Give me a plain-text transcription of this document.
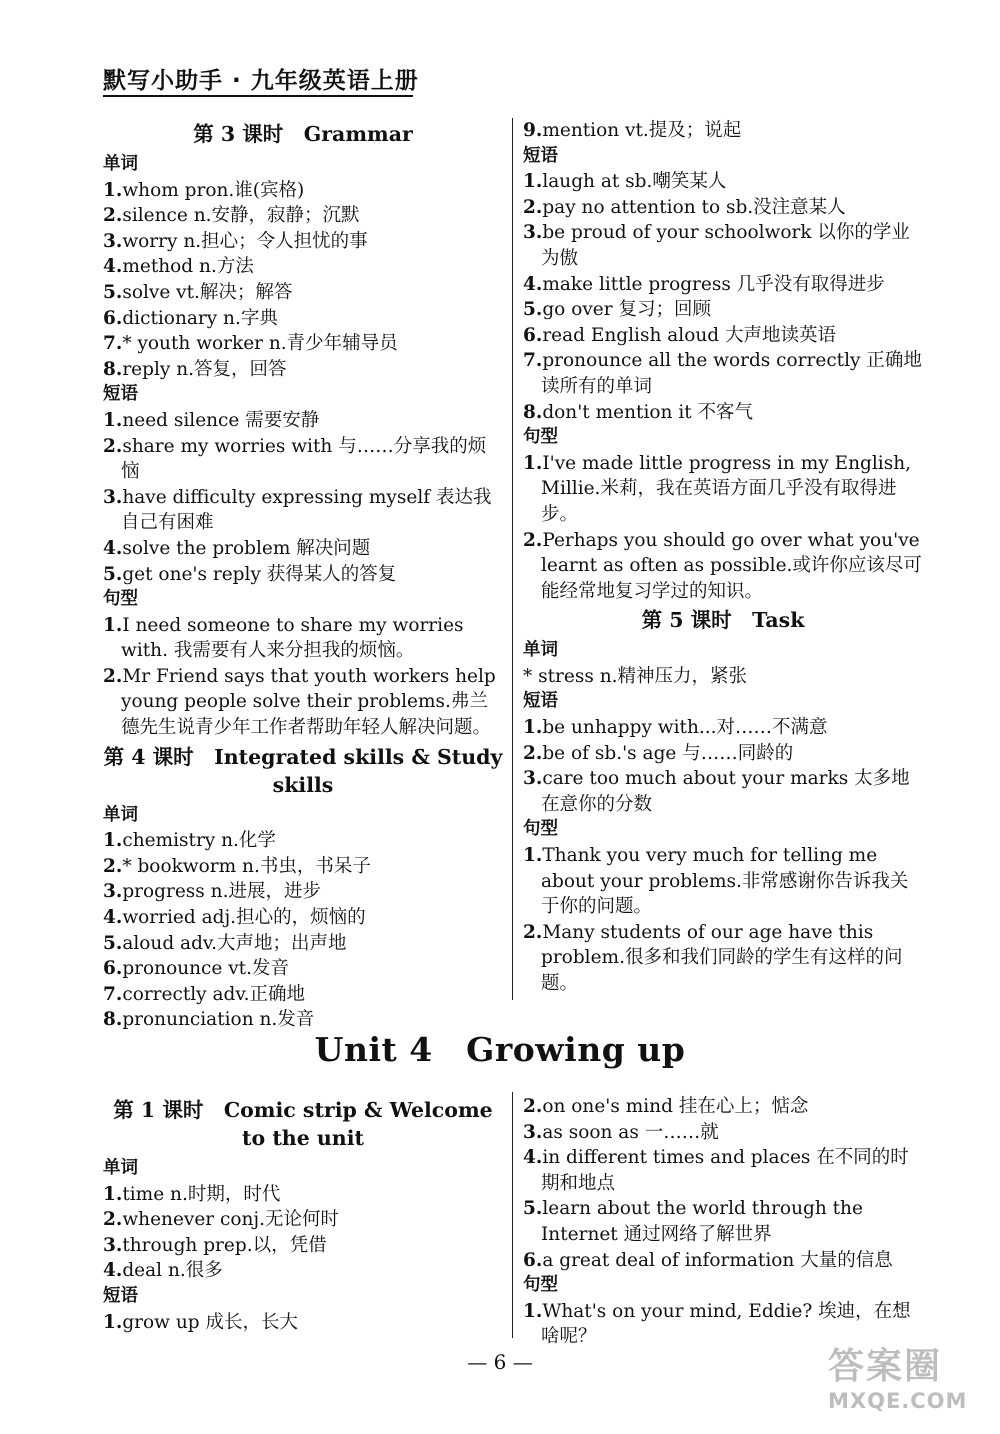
默写小助手 · 九年级英语上册
第 3 课时　Grammar
单词
1.whom pron.谁(宾格)
2.silence n.安静，寂静；沉默
3.worry n.担心；令人担忧的事
4.method n.方法
5.solve vt.解决；解答
6.dictionary n.字典
7.* youth worker n.青少年辅导员
8.reply n.答复，回答
短语
1.need silence 需要安静
2.share my worries with 与……分享我的烦恼
3.have difficulty expressing myself 表达我自己有困难
4.solve the problem 解决问题
5.get one's reply 获得某人的答复
句型
1.I need someone to share my worries with. 我需要有人来分担我的烦恼。
2.Mr Friend says that youth workers help young people solve their problems.弗兰德先生说青少年工作者帮助年轻人解决问题。
第 4 课时　Integrated skills & Study skills
单词
1.chemistry n.化学
2.* bookworm n.书虫，书呆子
3.progress n.进展，进步
4.worried adj.担心的，烦恼的
5.aloud adv.大声地；出声地
6.pronounce vt.发音
7.correctly adv.正确地
8.pronunciation n.发音
9.mention vt.提及；说起
短语
1.laugh at sb.嘲笑某人
2.pay no attention to sb.没注意某人
3.be proud of your schoolwork 以你的学业为傲
4.make little progress 几乎没有取得进步
5.go over 复习；回顾
6.read English aloud 大声地读英语
7.pronounce all the words correctly 正确地读所有的单词
8.don't mention it 不客气
句型
1.I've made little progress in my English, Millie.米莉，我在英语方面几乎没有取得进步。
2.Perhaps you should go over what you've learnt as often as possible.或许你应该尽可能经常地复习学过的知识。
第 5 课时　Task
单词
* stress n.精神压力，紧张
短语
1.be unhappy with...对……不满意
2.be of sb.'s age 与……同龄的
3.care too much about your marks 太多地在意你的分数
句型
1.Thank you very much for telling me about your problems.非常感谢你告诉我关于你的问题。
2.Many students of our age have this problem.很多和我们同龄的学生有这样的问题。
Unit 4　Growing up
第 1 课时　Comic strip & Welcome to the unit
单词
1.time n.时期，时代
2.whenever conj.无论何时
3.through prep.以，凭借
4.deal n.很多
短语
1.grow up 成长，长大
2.on one's mind 挂在心上；惦念
3.as soon as 一……就
4.in different times and places 在不同的时期和地点
5.learn about the world through the Internet 通过网络了解世界
6.a great deal of information 大量的信息
句型
1.What's on your mind, Eddie? 埃迪，在想啥呢？
— 6 —	答案圈
MXQE.COM
